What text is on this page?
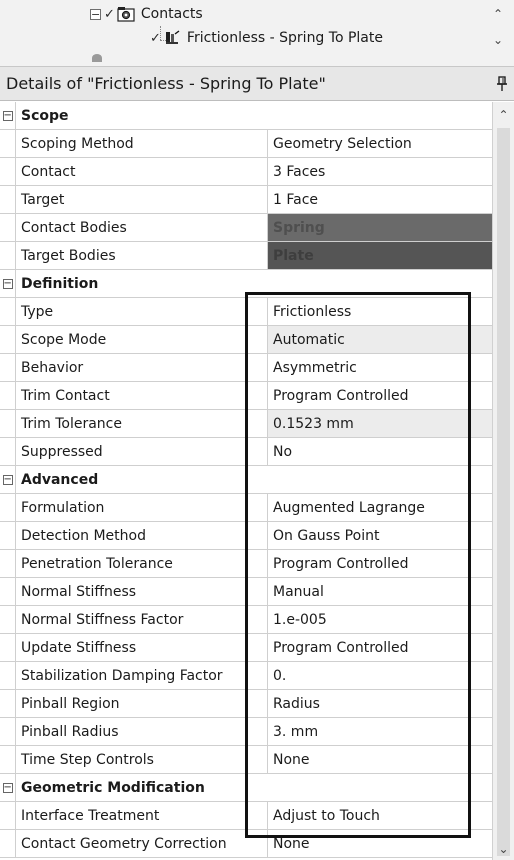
− ✓ Contacts
✓ Frictionless - Spring To Plate
⌃
⌄
Details of "Frictionless - Spring To Plate"
− Scope
Scoping Method	Geometry Selection
Contact	3 Faces
Target	1 Face
Contact Bodies	Spring
Target Bodies	Plate
− Definition
Type	Frictionless
Scope Mode	Automatic
Behavior	Asymmetric
Trim Contact	Program Controlled
Trim Tolerance	0.1523 mm
Suppressed	No
− Advanced
Formulation	Augmented Lagrange
Detection Method	On Gauss Point
Penetration Tolerance	Program Controlled
Normal Stiffness	Manual
Normal Stiffness Factor	1.e-005
Update Stiffness	Program Controlled
Stabilization Damping Factor	0.
Pinball Region	Radius
Pinball Radius	3. mm
Time Step Controls	None
− Geometric Modification
Interface Treatment	Adjust to Touch
Contact Geometry Correction	None
⌃
⌄
